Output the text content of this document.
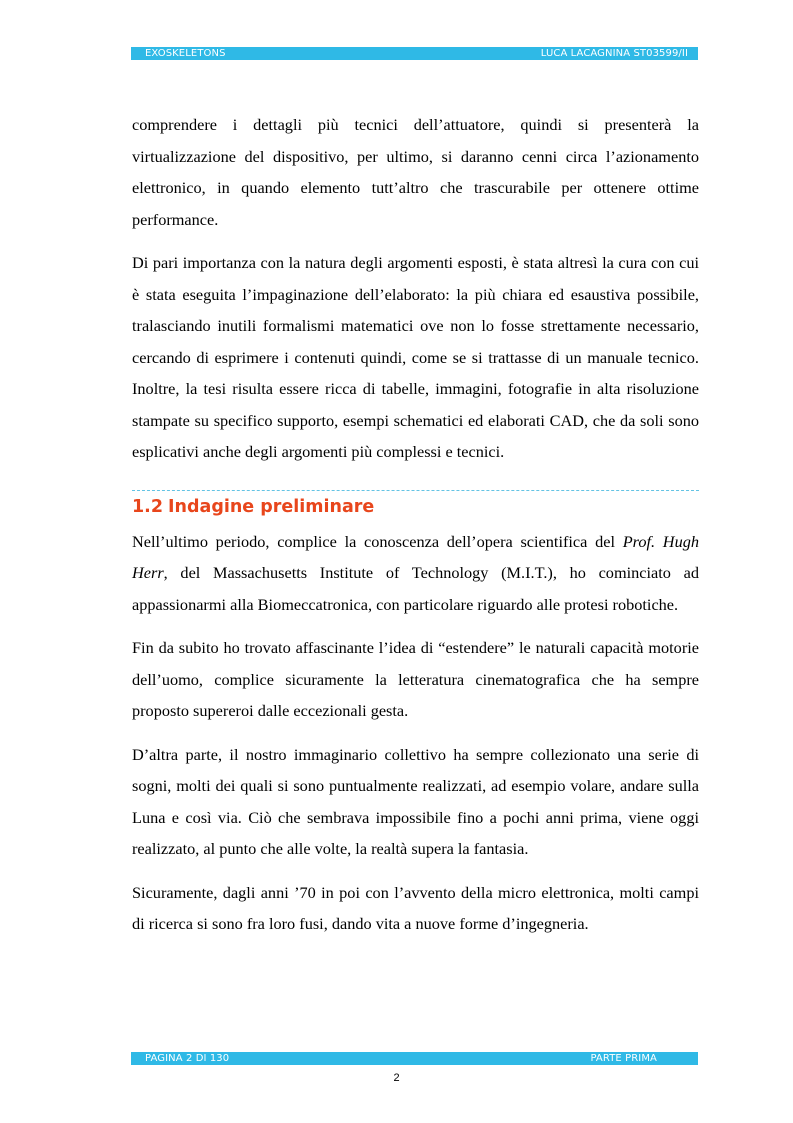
EXOSKELETONS	LUCA LACAGNINA ST03599/II

comprendere i dettagli più tecnici dell’attuatore, quindi si presenterà la virtualizzazione del dispositivo, per ultimo, si daranno cenni circa l’azionamento elettronico, in quando elemento tutt’altro che trascurabile per ottenere ottime performance.

Di pari importanza con la natura degli argomenti esposti, è stata altresì la cura con cui è stata eseguita l’impaginazione dell’elaborato: la più chiara ed esaustiva possibile, tralasciando inutili formalismi matematici ove non lo fosse strettamente necessario, cercando di esprimere i contenuti quindi, come se si trattasse di un manuale tecnico. Inoltre, la tesi risulta essere ricca di tabelle, immagini, fotografie in alta risoluzione stampate su specifico supporto, esempi schematici ed elaborati CAD, che da soli sono esplicativi anche degli argomenti più complessi e tecnici.

1.2 Indagine preliminare

Nell’ultimo periodo, complice la conoscenza dell’opera scientifica del Prof. Hugh Herr, del Massachusetts Institute of Technology (M.I.T.), ho cominciato ad appassionarmi alla Biomeccatronica, con particolare riguardo alle protesi robotiche.

Fin da subito ho trovato affascinante l’idea di “estendere” le naturali capacità motorie dell’uomo, complice sicuramente la letteratura cinematografica che ha sempre proposto supereroi dalle eccezionali gesta.

D’altra parte, il nostro immaginario collettivo ha sempre collezionato una serie di sogni, molti dei quali si sono puntualmente realizzati, ad esempio volare, andare sulla Luna e così via. Ciò che sembrava impossibile fino a pochi anni prima, viene oggi realizzato, al punto che alle volte, la realtà supera la fantasia.

Sicuramente, dagli anni ’70 in poi con l’avvento della micro elettronica, molti campi di ricerca si sono fra loro fusi, dando vita a nuove forme d’ingegneria.

PAGINA 2 DI 130	PARTE PRIMA
2
